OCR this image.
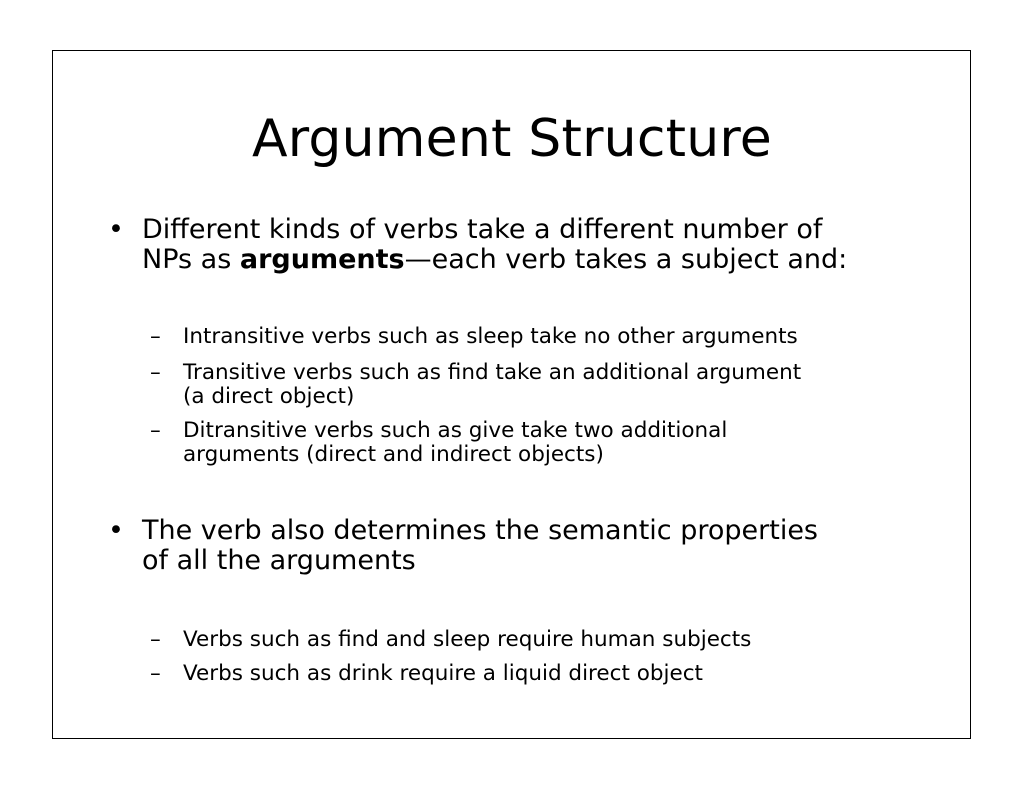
Argument Structure
• Different kinds of verbs take a different number of
NPs as arguments—each verb takes a subject and:
– Intransitive verbs such as sleep take no other arguments
– Transitive verbs such as find take an additional argument
(a direct object)
– Ditransitive verbs such as give take two additional
arguments (direct and indirect objects)
• The verb also determines the semantic properties
of all the arguments
– Verbs such as find and sleep require human subjects
– Verbs such as drink require a liquid direct object
